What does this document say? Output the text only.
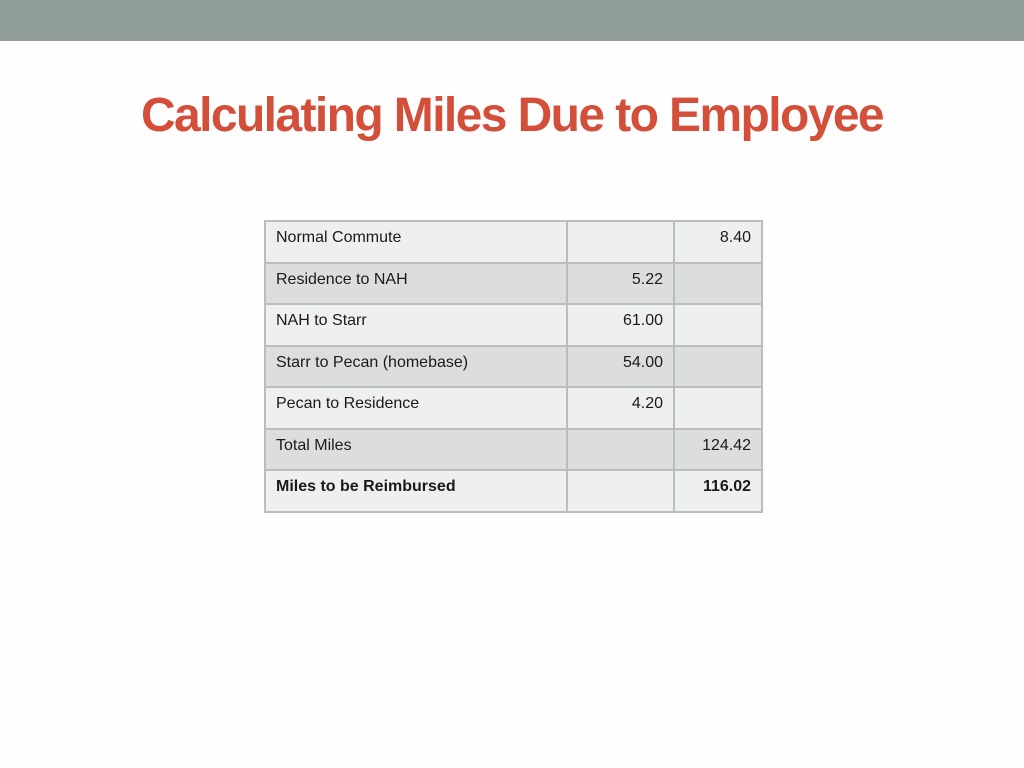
Calculating Miles Due to Employee
Normal Commute		8.40
Residence to NAH	5.22	
NAH to Starr	61.00	
Starr to Pecan (homebase)	54.00	
Pecan to Residence	4.20	
Total Miles		124.42
Miles to be Reimbursed		116.02
